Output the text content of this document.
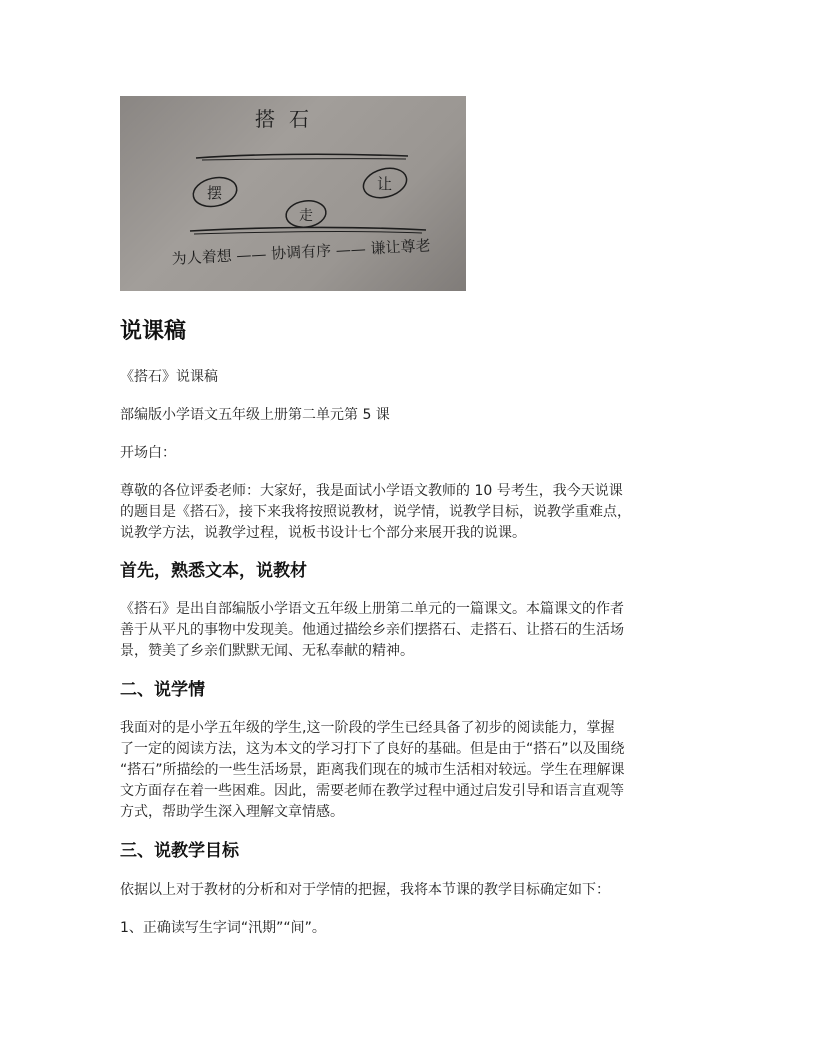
搭石
摆
走
让
为人着想 —— 协调有序 —— 谦让尊老
说课稿

《搭石》说课稿

部编版小学语文五年级上册第二单元第 5 课

开场白：

尊敬的各位评委老师：大家好，我是面试小学语文教师的 10 号考生，我今天说课
的题目是《搭石》，接下来我将按照说教材，说学情，说教学目标，说教学重难点，
说教学方法，说教学过程，说板书设计七个部分来展开我的说课。

首先，熟悉文本，说教材

《搭石》是出自部编版小学语文五年级上册第二单元的一篇课文。本篇课文的作者
善于从平凡的事物中发现美。他通过描绘乡亲们摆搭石、走搭石、让搭石的生活场
景，赞美了乡亲们默默无闻、无私奉献的精神。

二、说学情

我面对的是小学五年级的学生,这一阶段的学生已经具备了初步的阅读能力，掌握
了一定的阅读方法，这为本文的学习打下了良好的基础。但是由于“搭石”以及围绕
“搭石”所描绘的一些生活场景，距离我们现在的城市生活相对较远。学生在理解课
文方面存在着一些困难。因此，需要老师在教学过程中通过启发引导和语言直观等
方式，帮助学生深入理解文章情感。

三、说教学目标

依据以上对于教材的分析和对于学情的把握，我将本节课的教学目标确定如下：

1、正确读写生字词“汛期”“间”。
